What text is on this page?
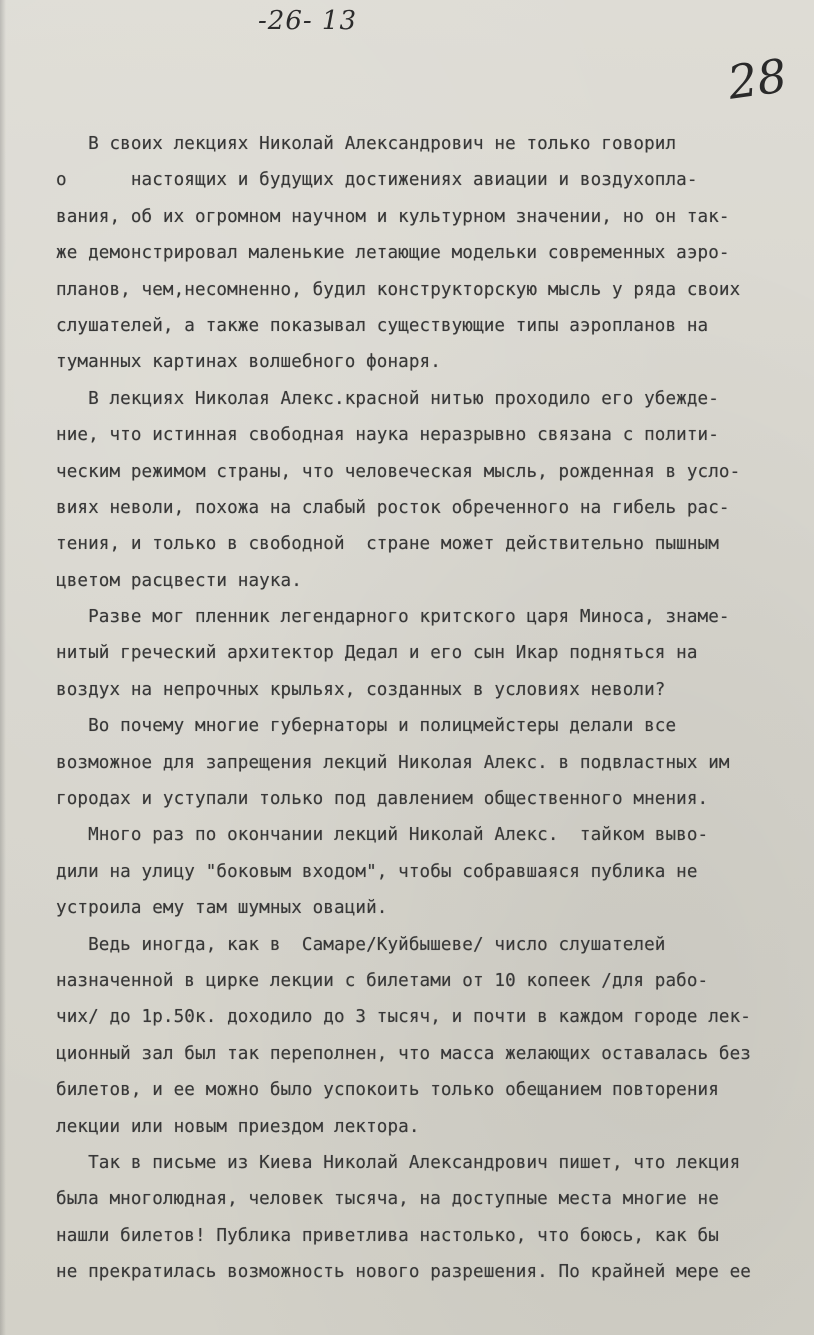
-26- 13
28
В своих лекциях Николай Александрович не только говорил
о      настоящих и будущих достижениях авиации и воздухопла-
вания, об их огромном научном и культурном значении, но он так-
же демонстрировал маленькие летающие модельки современных аэро-
планов, чем,несомненно, будил конструкторскую мысль у ряда своих
слушателей, а также показывал существующие типы аэропланов на
туманных картинах волшебного фонаря.
В лекциях Николая Алекс.красной нитью проходило его убежде-
ние, что истинная свободная наука неразрывно связана с полити-
ческим режимом страны, что человеческая мысль, рожденная в усло-
виях неволи, похожа на слабый росток обреченного на гибель рас-
тения, и только в свободной  стране может действительно пышным
цветом расцвести наука.
Разве мог пленник легендарного критского царя Миноса, знаме-
нитый греческий архитектор Дедал и его сын Икар подняться на
воздух на непрочных крыльях, созданных в условиях неволи?
Во почему многие губернаторы и полицмейстеры делали все
возможное для запрещения лекций Николая Алекс. в подвластных им
городах и уступали только под давлением общественного мнения.
Много раз по окончании лекций Николай Алекс.  тайком выво-
дили на улицу "боковым входом", чтобы собравшаяся публика не
устроила ему там шумных оваций.
Ведь иногда, как в  Самаре/Куйбышеве/ число слушателей
назначенной в цирке лекции с билетами от 10 копеек /для рабо-
чих/ до 1р.50к. доходило до 3 тысяч, и почти в каждом городе лек-
ционный зал был так переполнен, что масса желающих оставалась без
билетов, и ее можно было успокоить только обещанием повторения
лекции или новым приездом лектора.
Так в письме из Киева Николай Александрович пишет, что лекция
была многолюдная, человек тысяча, на доступные места многие не
нашли билетов! Публика приветлива настолько, что боюсь, как бы
не прекратилась возможность нового разрешения. По крайней мере ее
